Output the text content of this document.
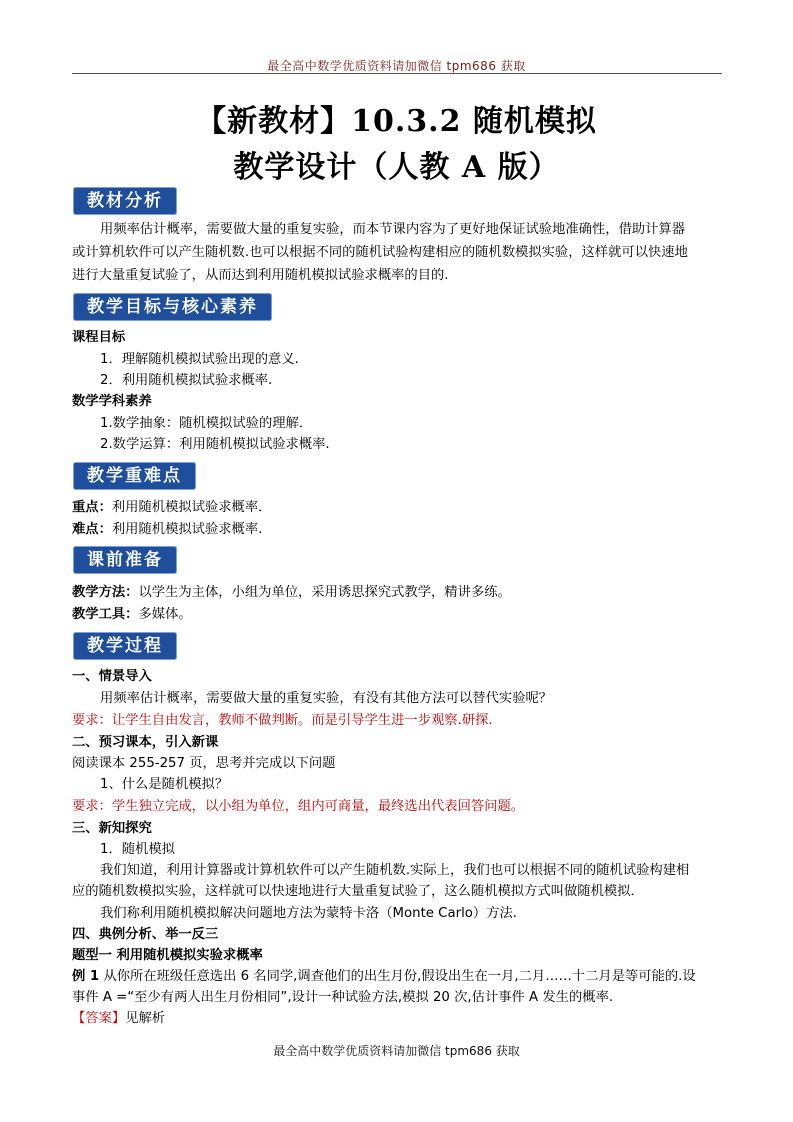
最全高中数学优质资料请加微信 tpm686 获取
【新教材】10.3.2 随机模拟
教学设计（人教 A 版）
教材分析
用频率估计概率，需要做大量的重复实验，而本节课内容为了更好地保证试验地准确性，借助计算器
或计算机软件可以产生随机数.也可以根据不同的随机试验构建相应的随机数模拟实验，这样就可以快速地
进行大量重复试验了，从而达到利用随机模拟试验求概率的目的.
教学目标与核心素养
课程目标
1．理解随机模拟试验出现的意义.
2．利用随机模拟试验求概率.
数学学科素养
1.数学抽象：随机模拟试验的理解．
2.数学运算：利用随机模拟试验求概率.
教学重难点
重点：利用随机模拟试验求概率．
难点：利用随机模拟试验求概率.
课前准备
教学方法：以学生为主体，小组为单位，采用诱思探究式教学，精讲多练。
教学工具：多媒体。
教学过程
一、情景导入
用频率估计概率，需要做大量的重复实验，有没有其他方法可以替代实验呢？
要求：让学生自由发言，教师不做判断。而是引导学生进一步观察.研探.
二、预习课本，引入新课
阅读课本 255-257 页，思考并完成以下问题
1、什么是随机模拟？
要求：学生独立完成，以小组为单位，组内可商量，最终选出代表回答问题。
三、新知探究
1．随机模拟
我们知道，利用计算器或计算机软件可以产生随机数.实际上，我们也可以根据不同的随机试验构建相
应的随机数模拟实验，这样就可以快速地进行大量重复试验了，这么随机模拟方式叫做随机模拟．
我们称利用随机模拟解决问题地方法为蒙特卡洛（Monte Carlo）方法.
四、典例分析、举一反三
题型一 利用随机模拟实验求概率
例 1 从你所在班级任意选出 6 名同学,调查他们的出生月份,假设出生在一月,二月……十二月是等可能的.设
事件 A =“至少有两人出生月份相同”,设计一种试验方法,模拟 20 次,估计事件 A 发生的概率.
【答案】见解析
最全高中数学优质资料请加微信 tpm686 获取
